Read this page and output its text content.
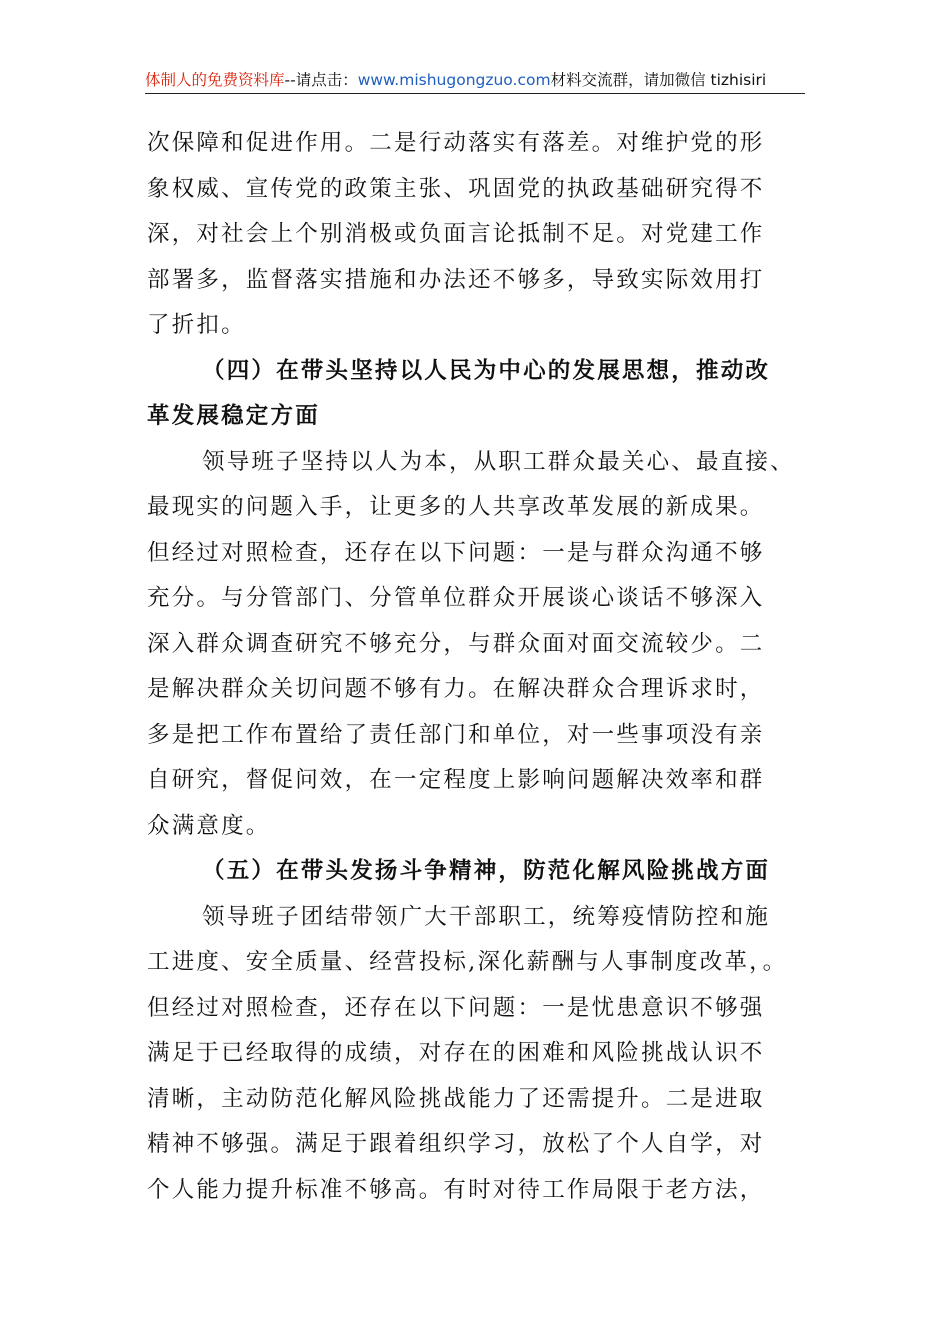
体制人的免费资料库--请点击：www.mishugongzuo.com材料交流群，请加微信 tizhisiri
次保障和促进作用。二是行动落实有落差。对维护党的形
象权威、宣传党的政策主张、巩固党的执政基础研究得不
深，对社会上个别消极或负面言论抵制不足。对党建工作
部署多，监督落实措施和办法还不够多，导致实际效用打
了折扣。
（四）在带头坚持以人民为中心的发展思想，推动改
革发展稳定方面
领导班子坚持以人为本，从职工群众最关心、最直接、
最现实的问题入手，让更多的人共享改革发展的新成果。
但经过对照检查，还存在以下问题：一是与群众沟通不够
充分。与分管部门、分管单位群众开展谈心谈话不够深入
深入群众调查研究不够充分，与群众面对面交流较少。二
是解决群众关切问题不够有力。在解决群众合理诉求时，
多是把工作布置给了责任部门和单位，对一些事项没有亲
自研究，督促问效，在一定程度上影响问题解决效率和群
众满意度。
（五）在带头发扬斗争精神，防范化解风险挑战方面
领导班子团结带领广大干部职工，统筹疫情防控和施
工进度、安全质量、经营投标,深化薪酬与人事制度改革，。
但经过对照检查，还存在以下问题：一是忧患意识不够强
满足于已经取得的成绩，对存在的困难和风险挑战认识不
清晰，主动防范化解风险挑战能力了还需提升。二是进取
精神不够强。满足于跟着组织学习，放松了个人自学，对
个人能力提升标准不够高。有时对待工作局限于老方法，
